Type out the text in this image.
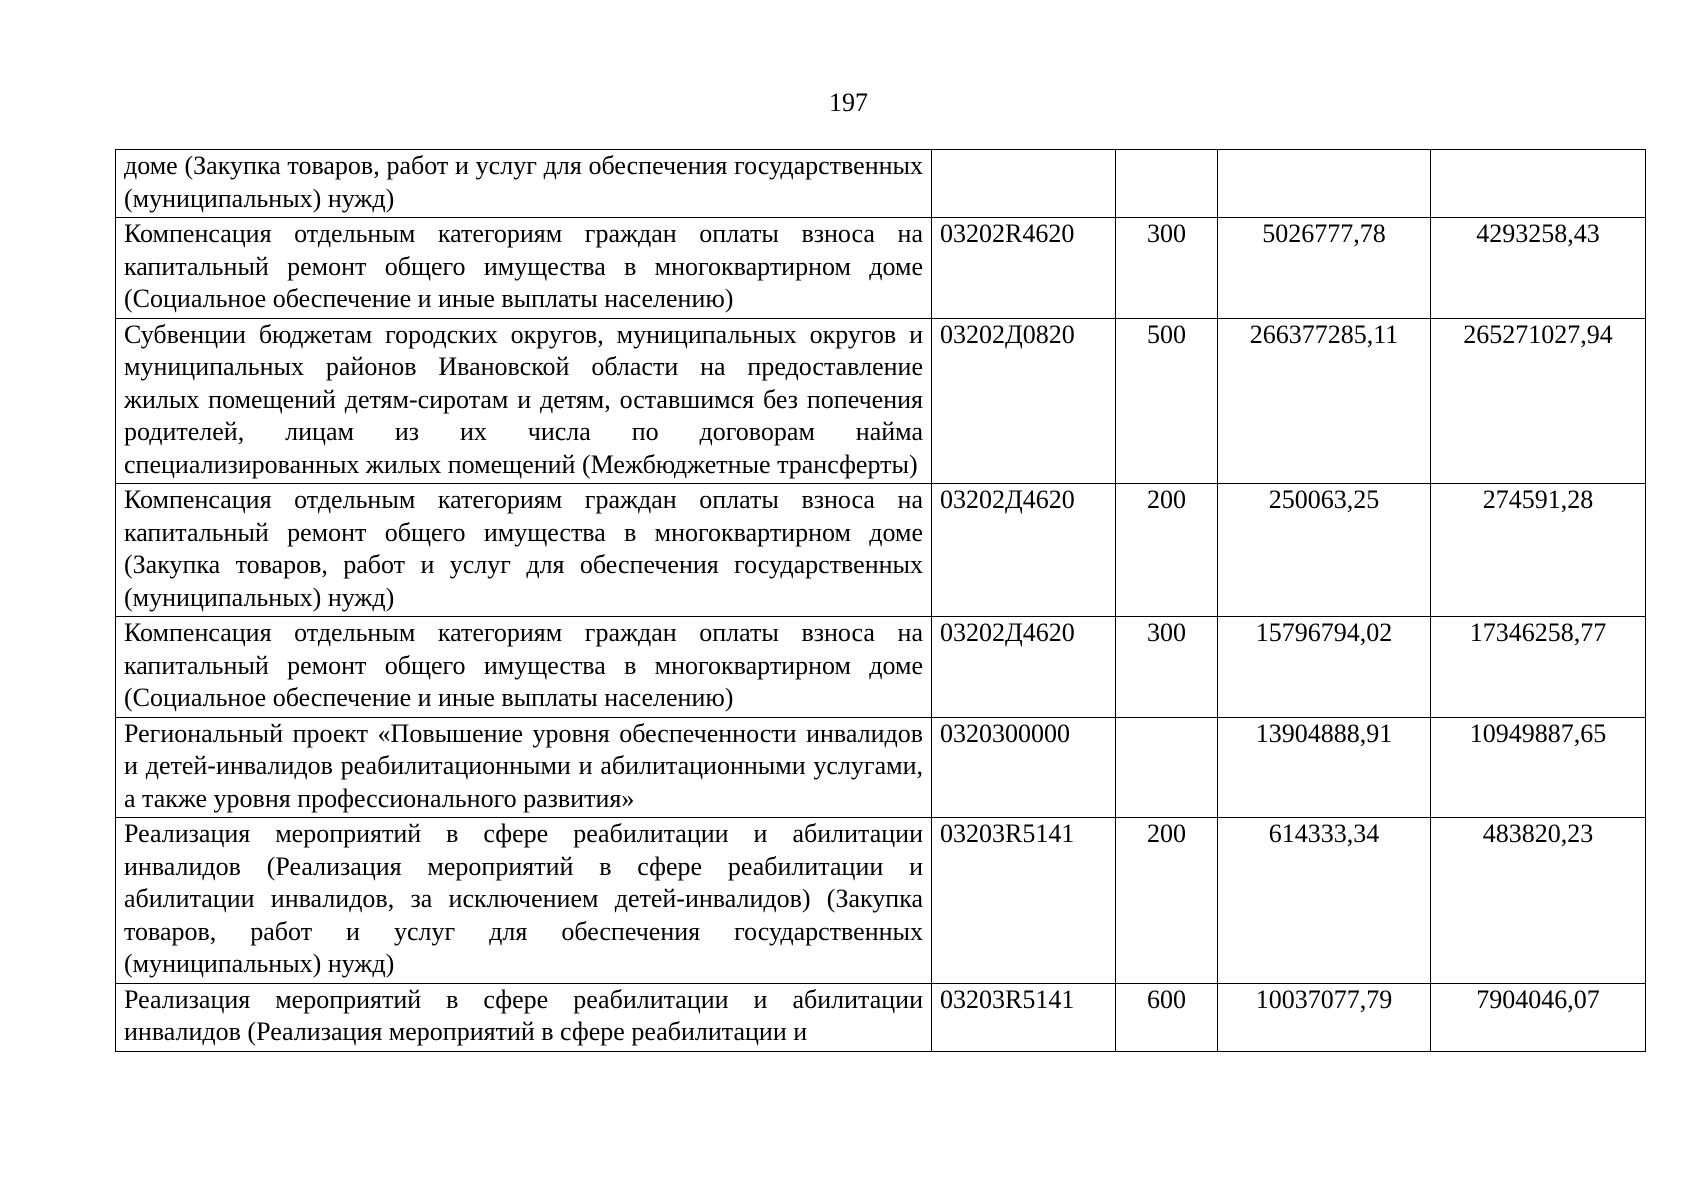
197
доме (Закупка товаров, работ и услуг для обеспечения государственных (муниципальных) нужд)				
Компенсация отдельным категориям граждан оплаты взноса на капитальный ремонт общего имущества в многоквартирном доме (Социальное обеспечение и иные выплаты населению)	03202R4620	300	5026777,78	4293258,43
Субвенции бюджетам городских округов, муниципальных округов и муниципальных районов Ивановской области на предоставление жилых помещений детям-сиротам и детям, оставшимся без попечения родителей, лицам из их числа по договорам найма специализированных жилых помещений (Межбюджетные трансферты)	03202Д0820	500	266377285,11	265271027,94
Компенсация отдельным категориям граждан оплаты взноса на капитальный ремонт общего имущества в многоквартирном доме (Закупка товаров, работ и услуг для обеспечения государственных (муниципальных) нужд)	03202Д4620	200	250063,25	274591,28
Компенсация отдельным категориям граждан оплаты взноса на капитальный ремонт общего имущества в многоквартирном доме (Социальное обеспечение и иные выплаты населению)	03202Д4620	300	15796794,02	17346258,77
Региональный проект «Повышение уровня обеспеченности инвалидов и детей-инвалидов реабилитационными и абилитационными услугами, а также уровня профессионального развития»	0320300000		13904888,91	10949887,65
Реализация мероприятий в сфере реабилитации и абилитации инвалидов (Реализация мероприятий в сфере реабилитации и абилитации инвалидов, за исключением детей-инвалидов) (Закупка товаров, работ и услуг для обеспечения государственных (муниципальных) нужд)	03203R5141	200	614333,34	483820,23
Реализация мероприятий в сфере реабилитации и абилитации инвалидов (Реализация мероприятий в сфере реабилитации и	03203R5141	600	10037077,79	7904046,07
